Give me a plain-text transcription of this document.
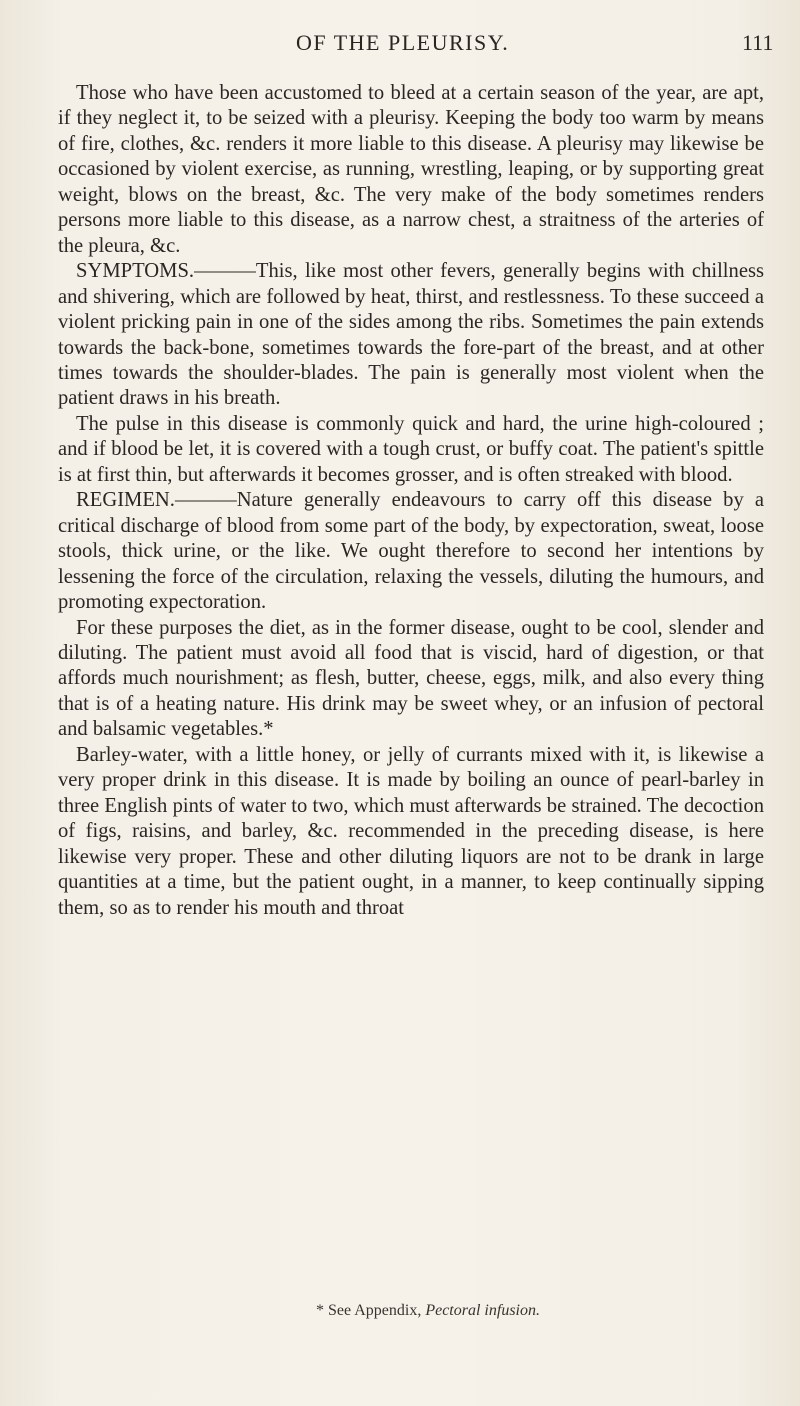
OF THE PLEURISY.	111

Those who have been accustomed to bleed at a certain season of the year, are apt, if they neglect it, to be seized with a pleurisy. Keeping the body too warm by means of fire, clothes, &c. renders it more liable to this disease. A pleurisy may likewise be occasioned by violent exercise, as running, wrestling, leaping, or by supporting great weight, blows on the breast, &c. The very make of the body sometimes renders persons more liable to this disease, as a narrow chest, a straitness of the arteries of the pleura, &c.

SYMPTOMS.———This, like most other fevers, generally begins with chillness and shivering, which are followed by heat, thirst, and restlessness. To these succeed a violent pricking pain in one of the sides among the ribs. Sometimes the pain extends towards the back-bone, sometimes towards the fore-part of the breast, and at other times towards the shoulder-blades. The pain is generally most violent when the patient draws in his breath.

The pulse in this disease is commonly quick and hard, the urine high-coloured ; and if blood be let, it is covered with a tough crust, or buffy coat. The patient's spittle is at first thin, but afterwards it becomes grosser, and is often streaked with blood.

REGIMEN.———Nature generally endeavours to carry off this disease by a critical discharge of blood from some part of the body, by expectoration, sweat, loose stools, thick urine, or the like. We ought therefore to second her intentions by lessening the force of the circulation, relaxing the vessels, diluting the humours, and promoting expectoration.

For these purposes the diet, as in the former disease, ought to be cool, slender and diluting. The patient must avoid all food that is viscid, hard of digestion, or that affords much nourishment; as flesh, butter, cheese, eggs, milk, and also every thing that is of a heating nature. His drink may be sweet whey, or an infusion of pectoral and balsamic vegetables.*

Barley-water, with a little honey, or jelly of currants mixed with it, is likewise a very proper drink in this disease. It is made by boiling an ounce of pearl-barley in three English pints of water to two, which must afterwards be strained. The decoction of figs, raisins, and barley, &c. recommended in the preceding disease, is here likewise very proper. These and other diluting liquors are not to be drank in large quantities at a time, but the patient ought, in a manner, to keep continually sipping them, so as to render his mouth and throat

* See Appendix, Pectoral infusion.
